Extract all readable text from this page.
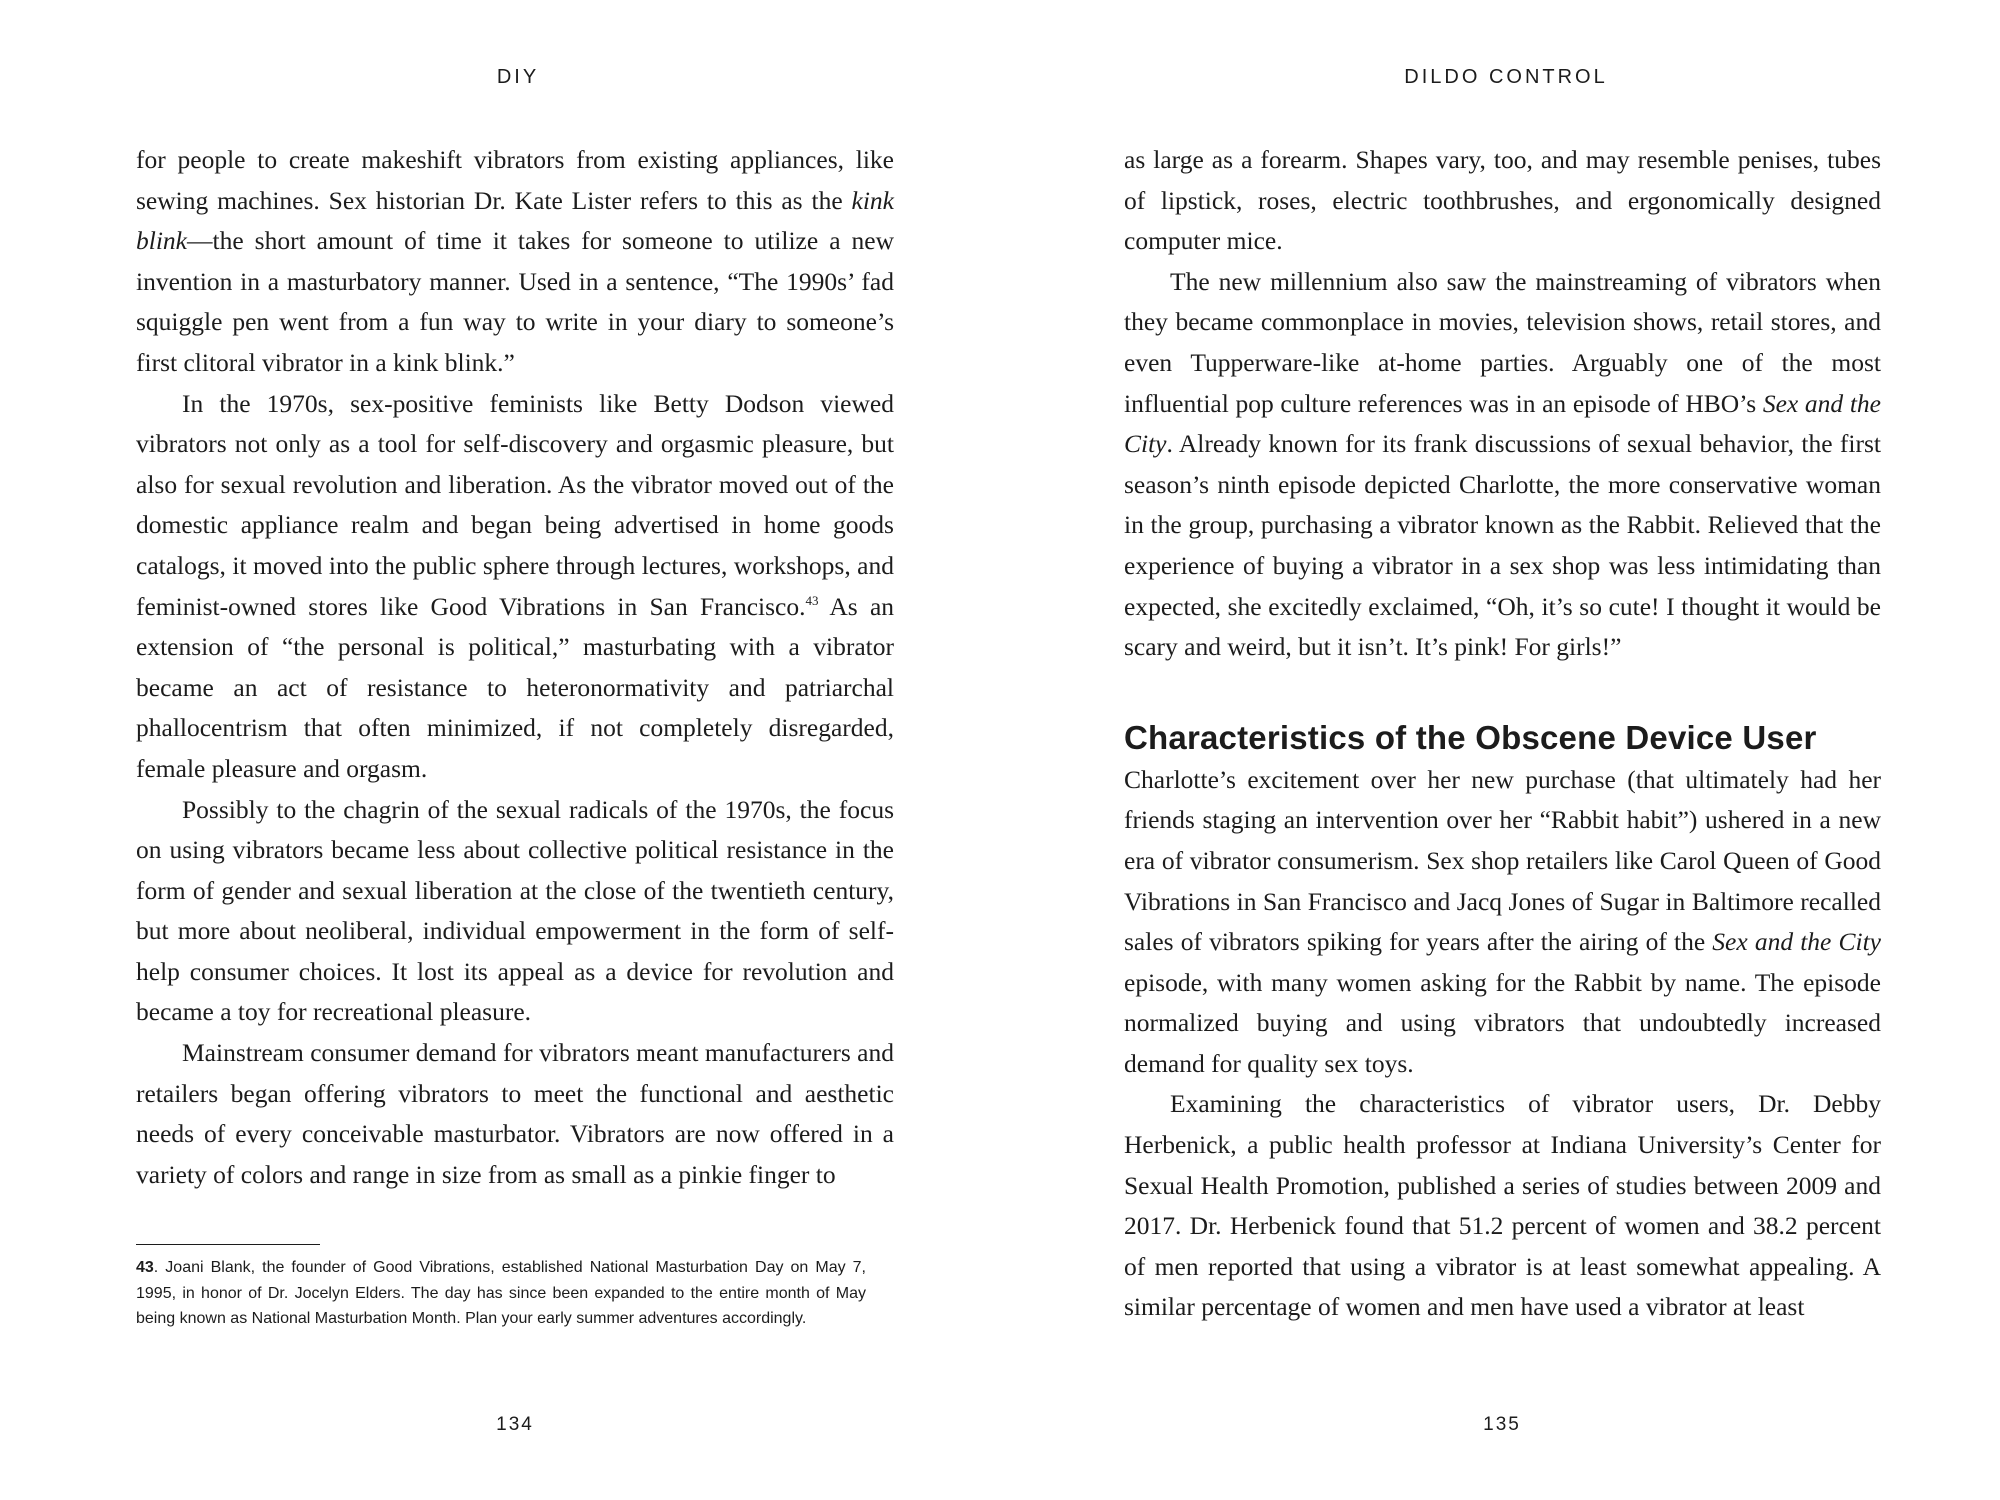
DIY

for people to create makeshift vibrators from existing appliances, like sewing machines. Sex historian Dr. Kate Lister refers to this as the kink blink—the short amount of time it takes for someone to utilize a new invention in a masturbatory manner. Used in a sentence, “The 1990s’ fad squiggle pen went from a fun way to write in your diary to someone’s first clitoral vibrator in a kink blink.”

In the 1970s, sex-positive feminists like Betty Dodson viewed vibrators not only as a tool for self-discovery and orgasmic pleasure, but also for sexual revolution and liberation. As the vibrator moved out of the domestic appliance realm and began being advertised in home goods catalogs, it moved into the public sphere through lectures, workshops, and feminist-owned stores like Good Vibrations in San Francisco.$^{43}$ As an extension of “the personal is political,” masturbating with a vibrator became an act of resistance to heteronormativity and patriarchal phallocentrism that often minimized, if not completely disregarded, female pleasure and orgasm.

Possibly to the chagrin of the sexual radicals of the 1970s, the focus on using vibrators became less about collective political resistance in the form of gender and sexual liberation at the close of the twentieth century, but more about neoliberal, individual empowerment in the form of self-help consumer choices. It lost its appeal as a device for revolution and became a toy for recreational pleasure.

Mainstream consumer demand for vibrators meant manufacturers and retailers began offering vibrators to meet the functional and aesthetic needs of every conceivable masturbator. Vibrators are now offered in a variety of colors and range in size from as small as a pinkie finger to

43. Joani Blank, the founder of Good Vibrations, established National Masturbation Day on May 7, 1995, in honor of Dr. Jocelyn Elders. The day has since been expanded to the entire month of May being known as National Masturbation Month. Plan your early summer adventures accordingly.
134
DILDO CONTROL

as large as a forearm. Shapes vary, too, and may resemble penises, tubes of lipstick, roses, electric toothbrushes, and ergonomically designed computer mice.

The new millennium also saw the mainstreaming of vibrators when they became commonplace in movies, television shows, retail stores, and even Tupperware-like at-home parties. Arguably one of the most influential pop culture references was in an episode of HBO’s Sex and the City. Already known for its frank discussions of sexual behavior, the first season’s ninth episode depicted Charlotte, the more conservative woman in the group, purchasing a vibrator known as the Rabbit. Relieved that the experience of buying a vibrator in a sex shop was less intimidating than expected, she excitedly exclaimed, “Oh, it’s so cute! I thought it would be scary and weird, but it isn’t. It’s pink! For girls!”

Characteristics of the Obscene Device User

Charlotte’s excitement over her new purchase (that ultimately had her friends staging an intervention over her “Rabbit habit”) ushered in a new era of vibrator consumerism. Sex shop retailers like Carol Queen of Good Vibrations in San Francisco and Jacq Jones of Sugar in Baltimore recalled sales of vibrators spiking for years after the airing of the Sex and the City episode, with many women asking for the Rabbit by name. The episode normalized buying and using vibrators that undoubtedly increased demand for quality sex toys.

Examining the characteristics of vibrator users, Dr. Debby Herbenick, a public health professor at Indiana University’s Center for Sexual Health Promotion, published a series of studies between 2009 and 2017. Dr. Herbenick found that 51.2 percent of women and 38.2 percent of men reported that using a vibrator is at least somewhat appealing. A similar percentage of women and men have used a vibrator at least

135
